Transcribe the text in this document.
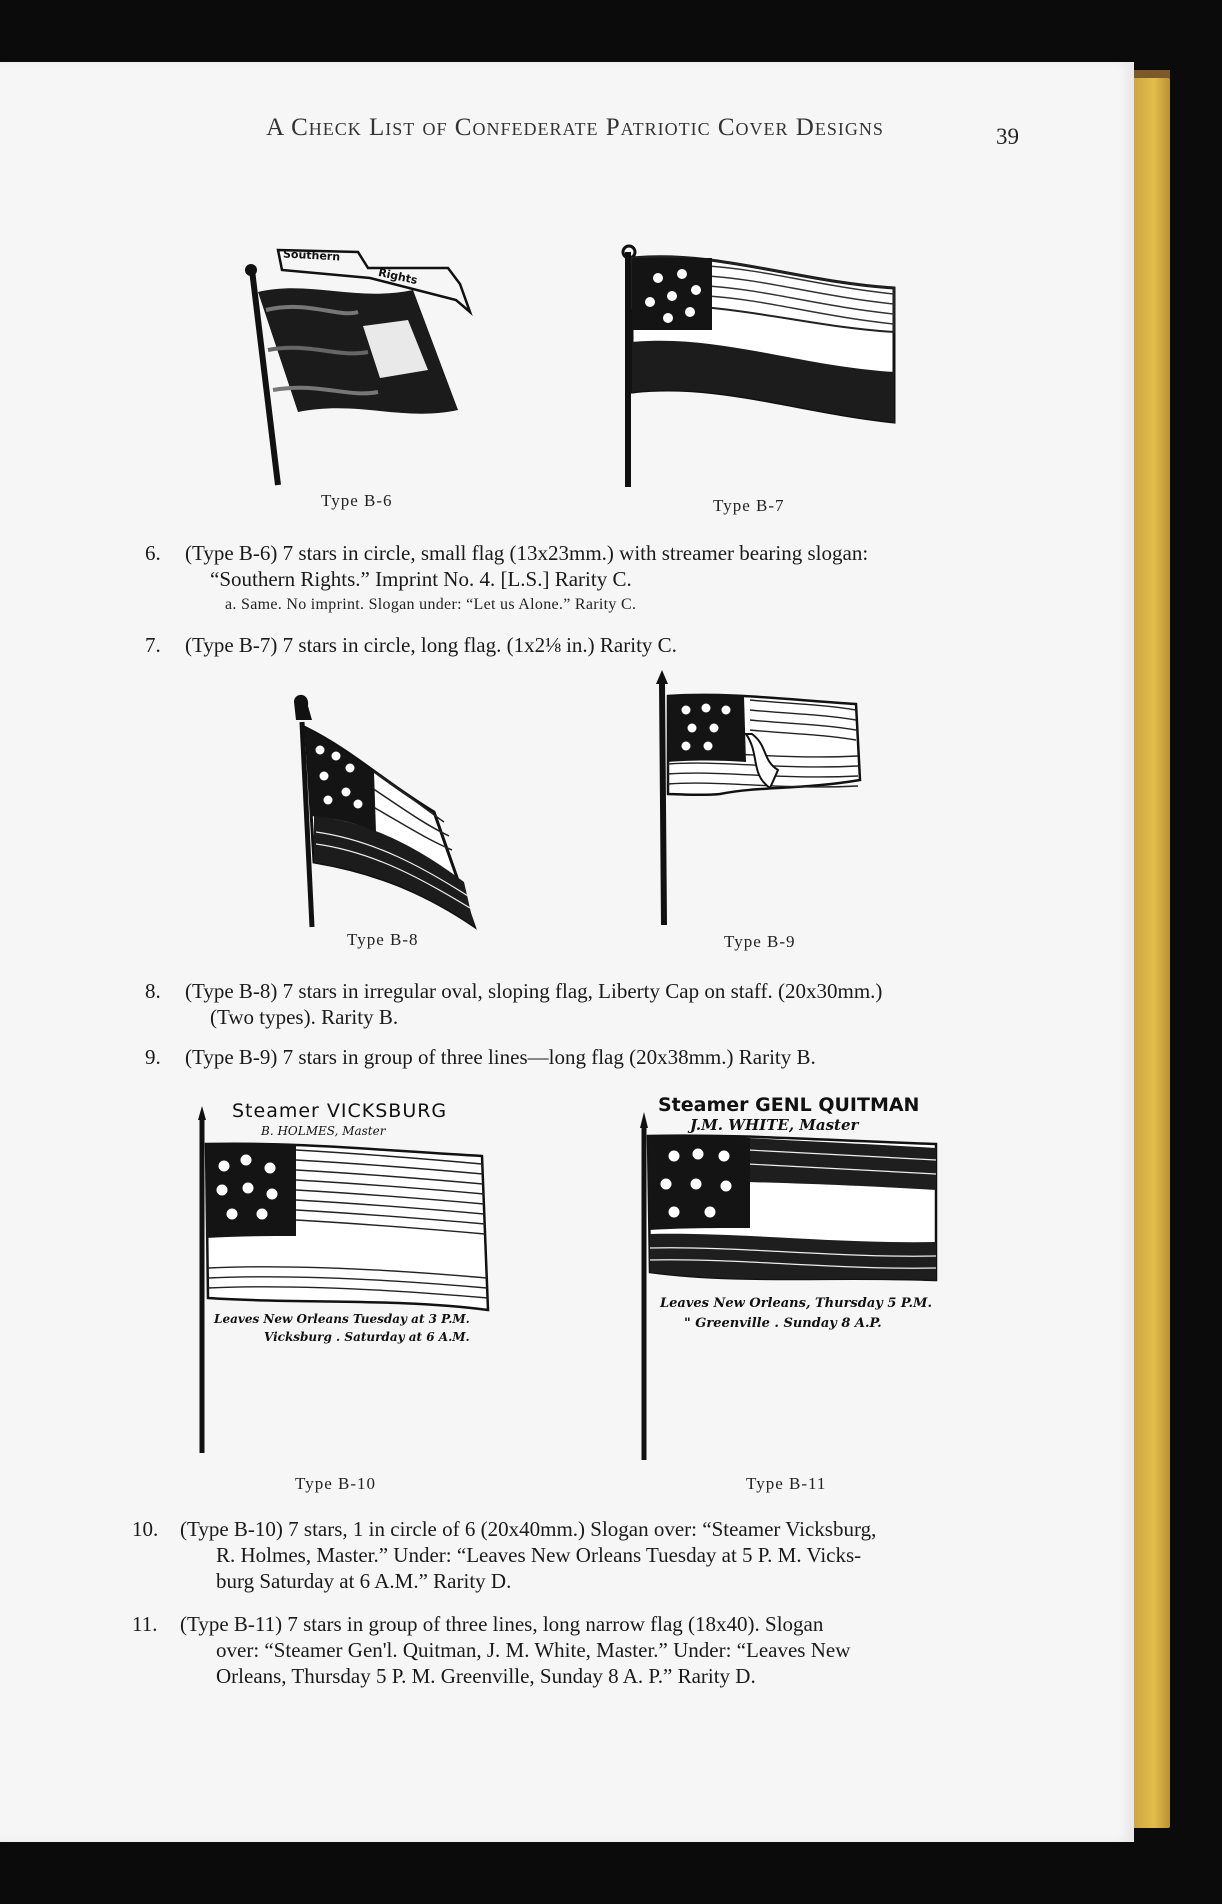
A Check List of Confederate Patriotic Cover Designs	39
Southern
Rights
Type B-6	Type B-7
6. (Type B-6) 7 stars in circle, small flag (13x23mm.) with streamer bearing slogan:
“Southern Rights.” Imprint No. 4. [L.S.] Rarity C.
a. Same. No imprint. Slogan under: “Let us Alone.” Rarity C.
7. (Type B-7) 7 stars in circle, long flag. (1x2⅛ in.) Rarity C.
Type B-8	Type B-9
8. (Type B-8) 7 stars in irregular oval, sloping flag, Liberty Cap on staff. (20x30mm.)
(Two types). Rarity B.
9. (Type B-9) 7 stars in group of three lines—long flag (20x38mm.) Rarity B.
Steamer VICKSBURG
B. HOLMES, Master
Leaves New Orleans Tuesday at 3 P.M.
Vicksburg . Saturday at 6 A.M.
Type B-10
Steamer GENL QUITMAN
J.M. WHITE, Master
Leaves New Orleans, Thursday 5 P.M.
" Greenville . Sunday 8 A.P.
Type B-11
10. (Type B-10) 7 stars, 1 in circle of 6 (20x40mm.) Slogan over: “Steamer Vicksburg,
R. Holmes, Master.” Under: “Leaves New Orleans Tuesday at 5 P. M. Vicks-
burg Saturday at 6 A.M.” Rarity D.
11. (Type B-11) 7 stars in group of three lines, long narrow flag (18x40). Slogan
over: “Steamer Gen'l. Quitman, J. M. White, Master.” Under: “Leaves New
Orleans, Thursday 5 P. M. Greenville, Sunday 8 A. P.” Rarity D.
